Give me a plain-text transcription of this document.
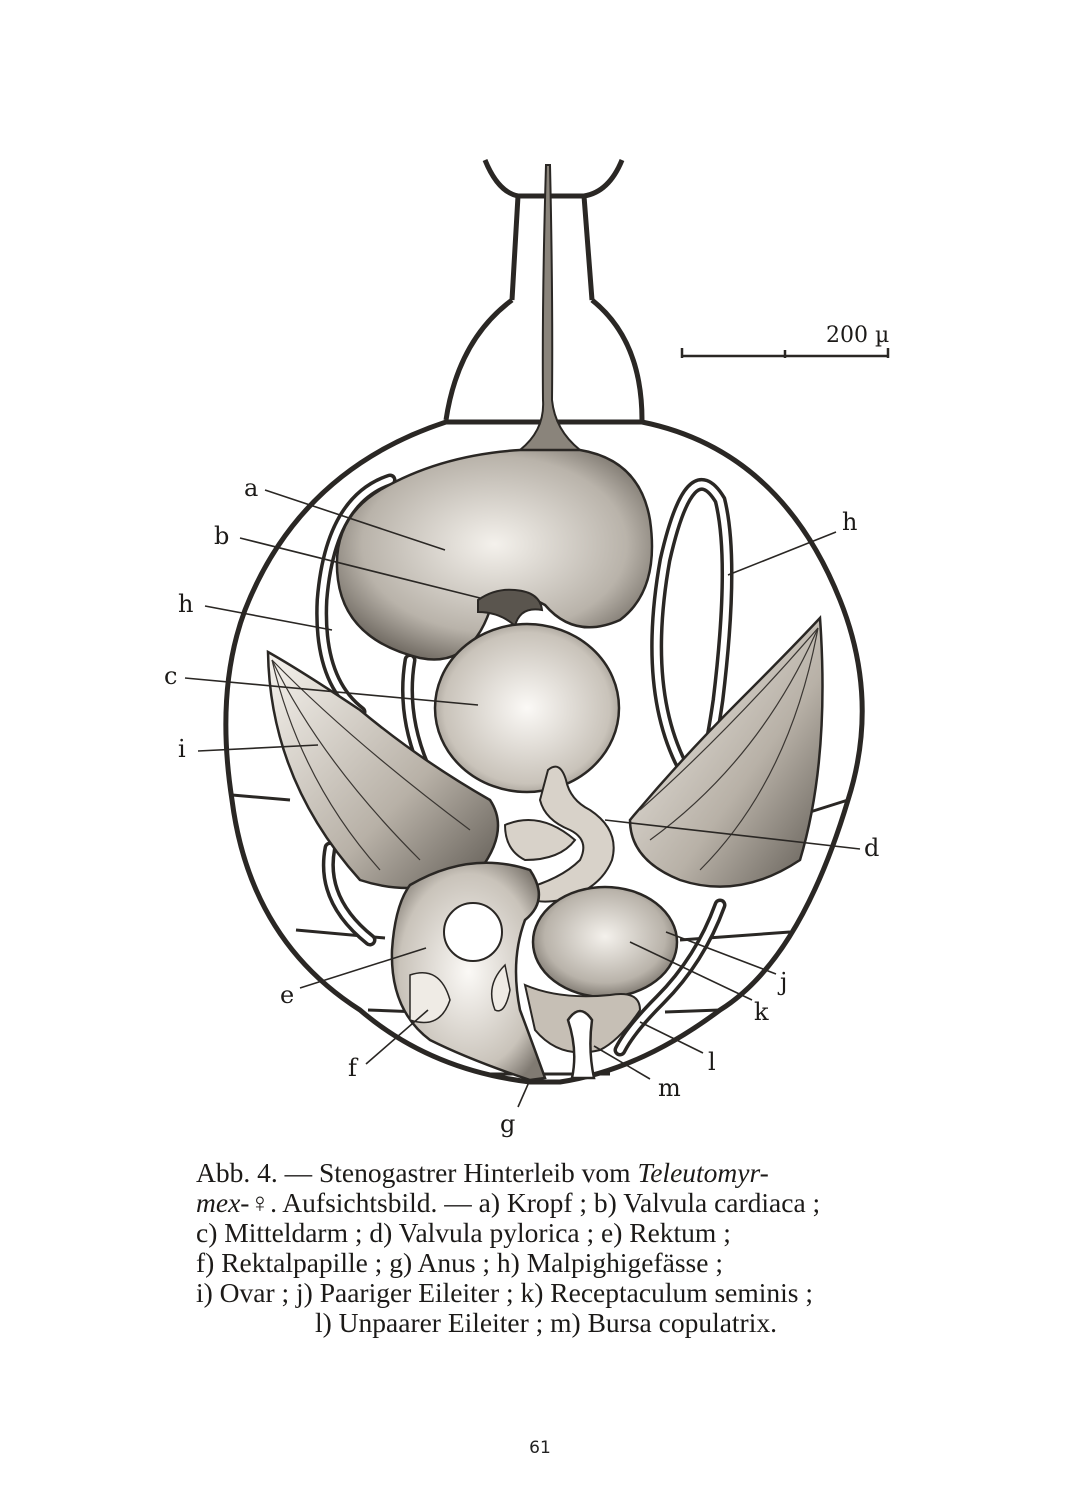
200 µ
a
b
h
c
i
h
d
e
f
g
j
k
l
m
Abb. 4. — Stenogastrer Hinterleib vom Teleutomyr-
mex-♀. Aufsichtsbild. — a) Kropf ; b) Valvula cardiaca ;
c) Mitteldarm ; d) Valvula pylorica ; e) Rektum ;
f) Rektalpapille ; g) Anus ; h) Malpighigefässe ;
i) Ovar ; j) Paariger Eileiter ; k) Receptaculum seminis ;
l) Unpaarer Eileiter ; m) Bursa copulatrix.
61
